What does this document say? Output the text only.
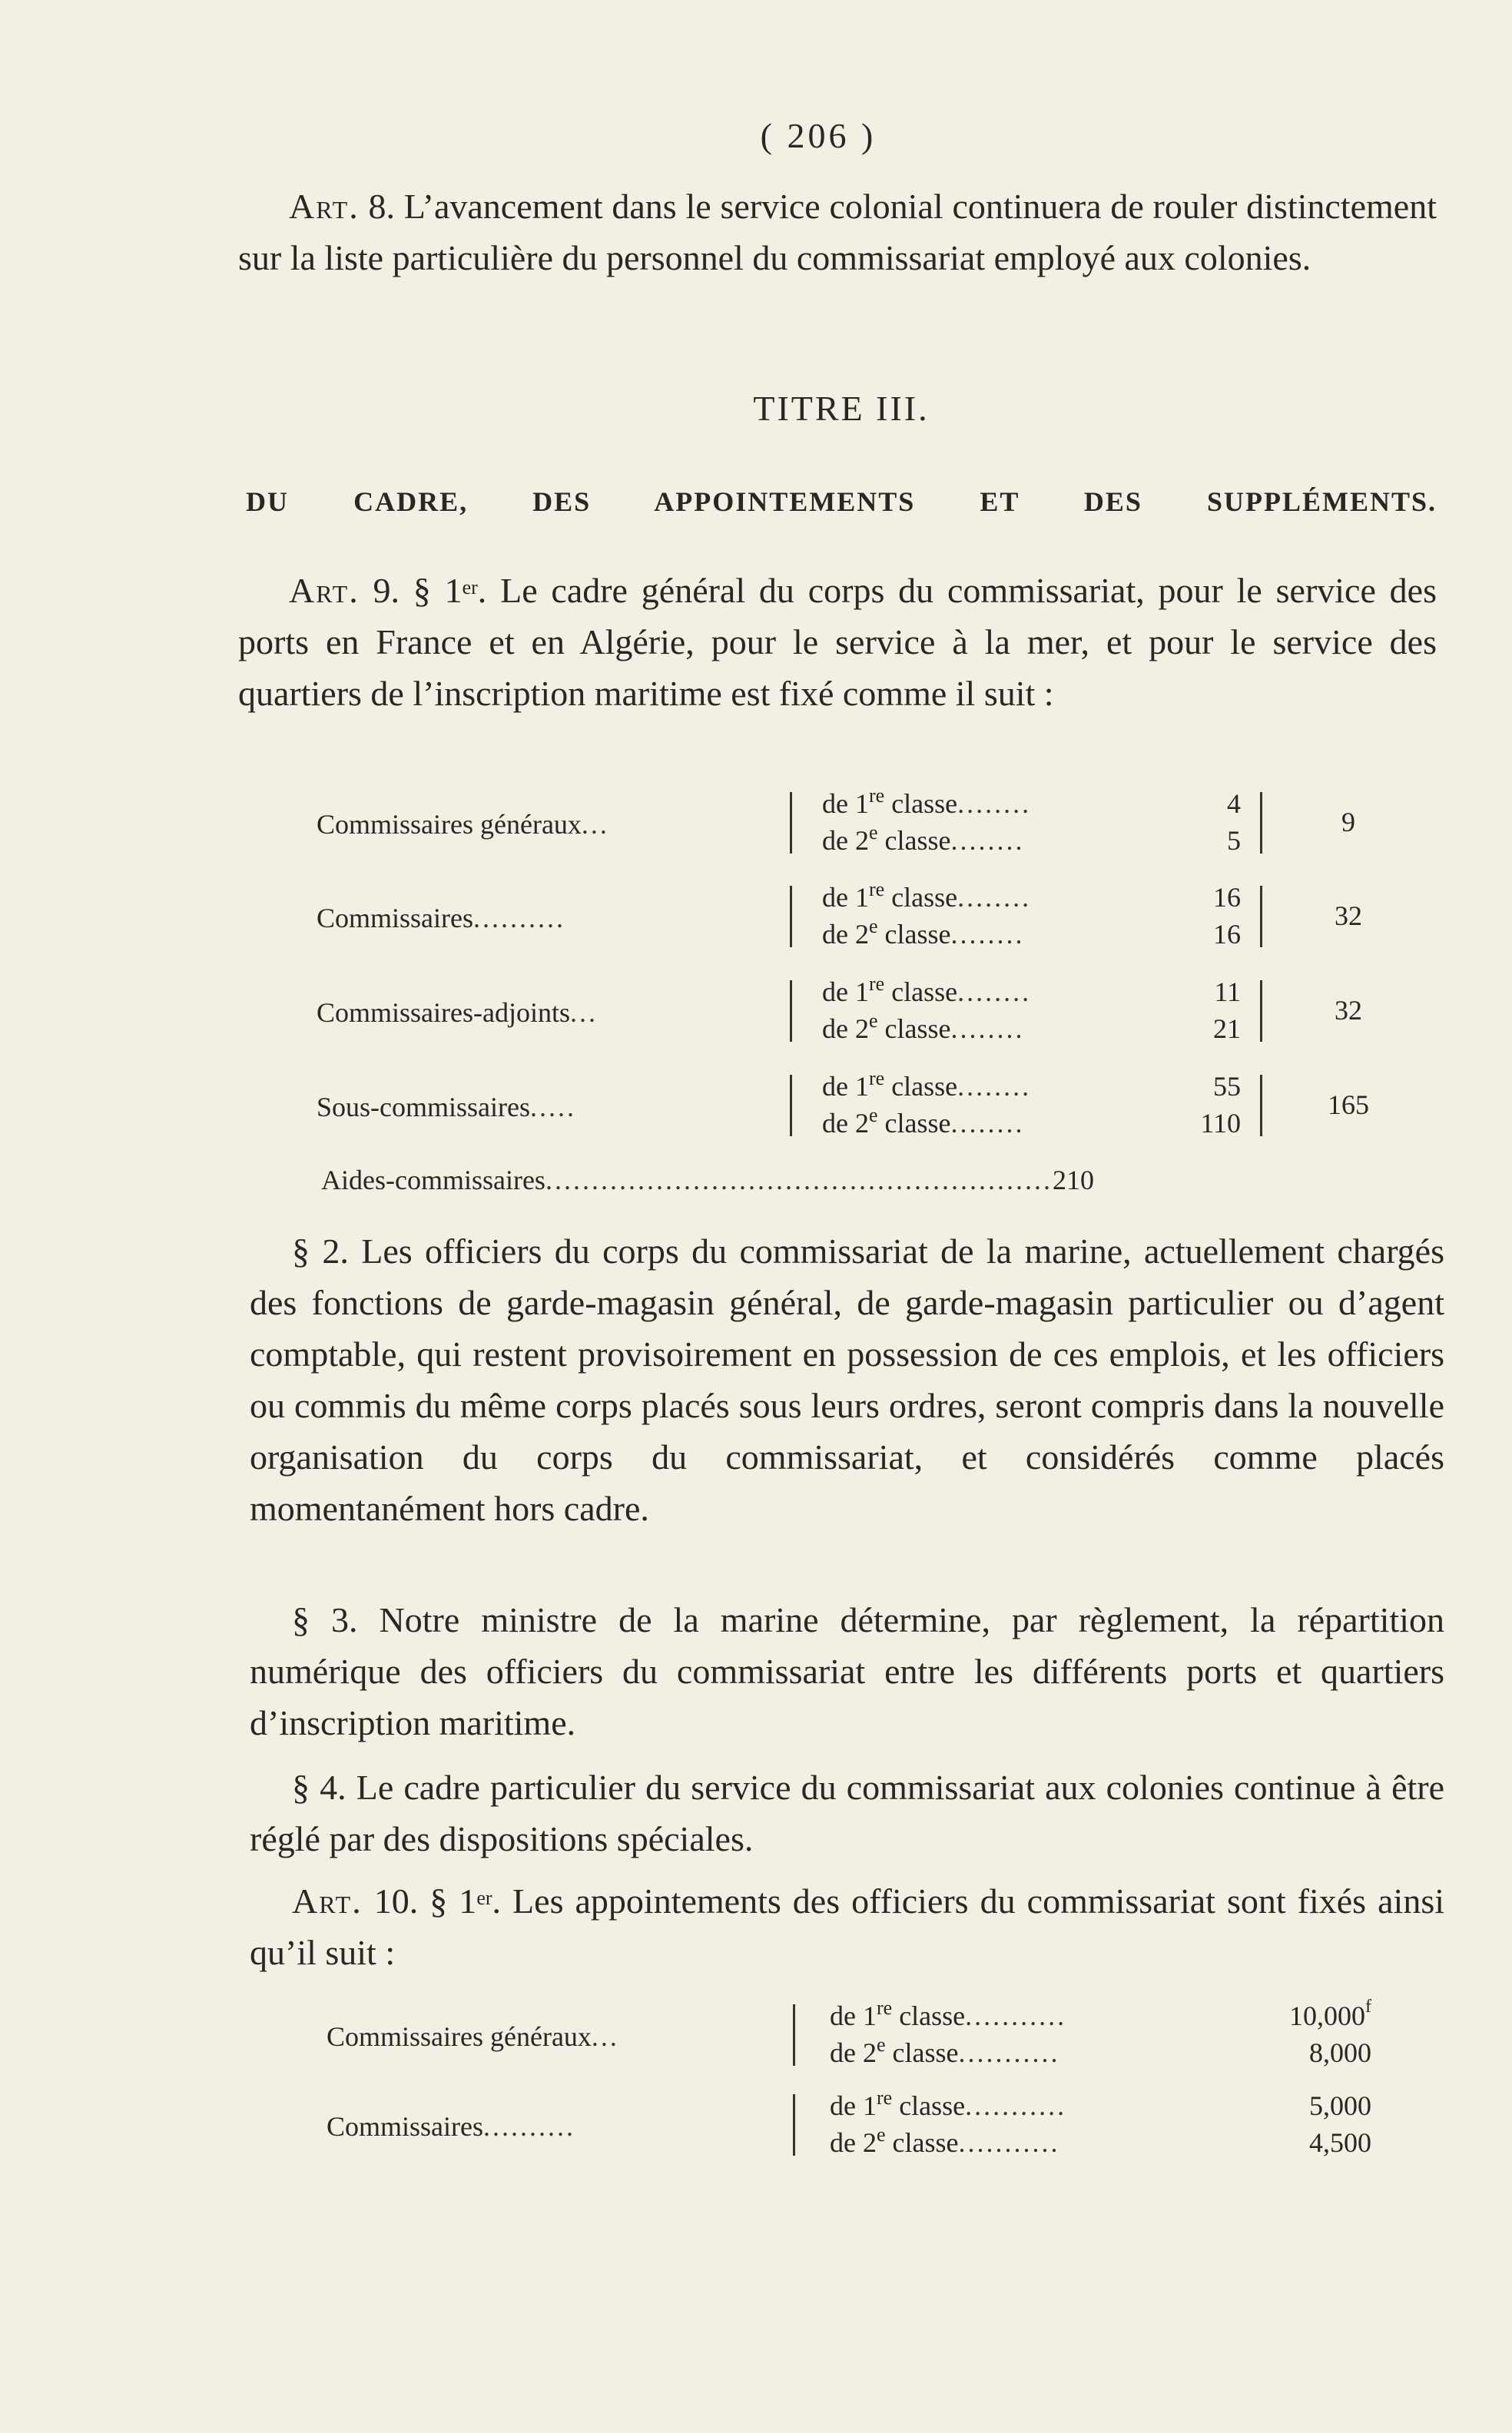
( 206 )

Art. 8. L’avancement dans le service colonial continuera de rouler distinctement sur la liste particulière du personnel du commissariat employé aux colonies.

TITRE III.
DU CADRE, DES APPOINTEMENTS ET DES SUPPLÉMENTS.

Art. 9. § 1er. Le cadre général du corps du commissariat, pour le service des ports en France et en Algérie, pour le service à la mer, et pour le service des quartiers de l’inscription maritime est fixé comme il suit :

Commissaires généraux...
de 1re classe........
de 2e classe........
4
5
9
Commissaires..........
de 1re classe........
de 2e classe........
16
16
32
Commissaires-adjoints...
de 1re classe........
de 2e classe........
11
21
32
Sous-commissaires.....
de 1re classe........
de 2e classe........
55
110
165
Aides-commissaires.......................................................210

§ 2. Les officiers du corps du commissariat de la marine, actuellement chargés des fonctions de garde-magasin général, de garde-magasin particulier ou d’agent comptable, qui restent provisoirement en possession de ces emplois, et les officiers ou commis du même corps placés sous leurs ordres, seront compris dans la nouvelle organisation du corps du commissariat, et considérés comme placés momentanément hors cadre.

§ 3. Notre ministre de la marine détermine, par règlement, la répartition numérique des officiers du commissariat entre les différents ports et quartiers d’inscription maritime.

§ 4. Le cadre particulier du service du commissariat aux colonies continue à être réglé par des dispositions spéciales.

Art. 10. § 1er. Les appointements des officiers du commissariat sont fixés ainsi qu’il suit :

Commissaires généraux...
de 1re classe...........
de 2e classe...........
10,000$^f$
8,000
Commissaires..........
de 1re classe...........
de 2e classe...........
5,000
4,500
